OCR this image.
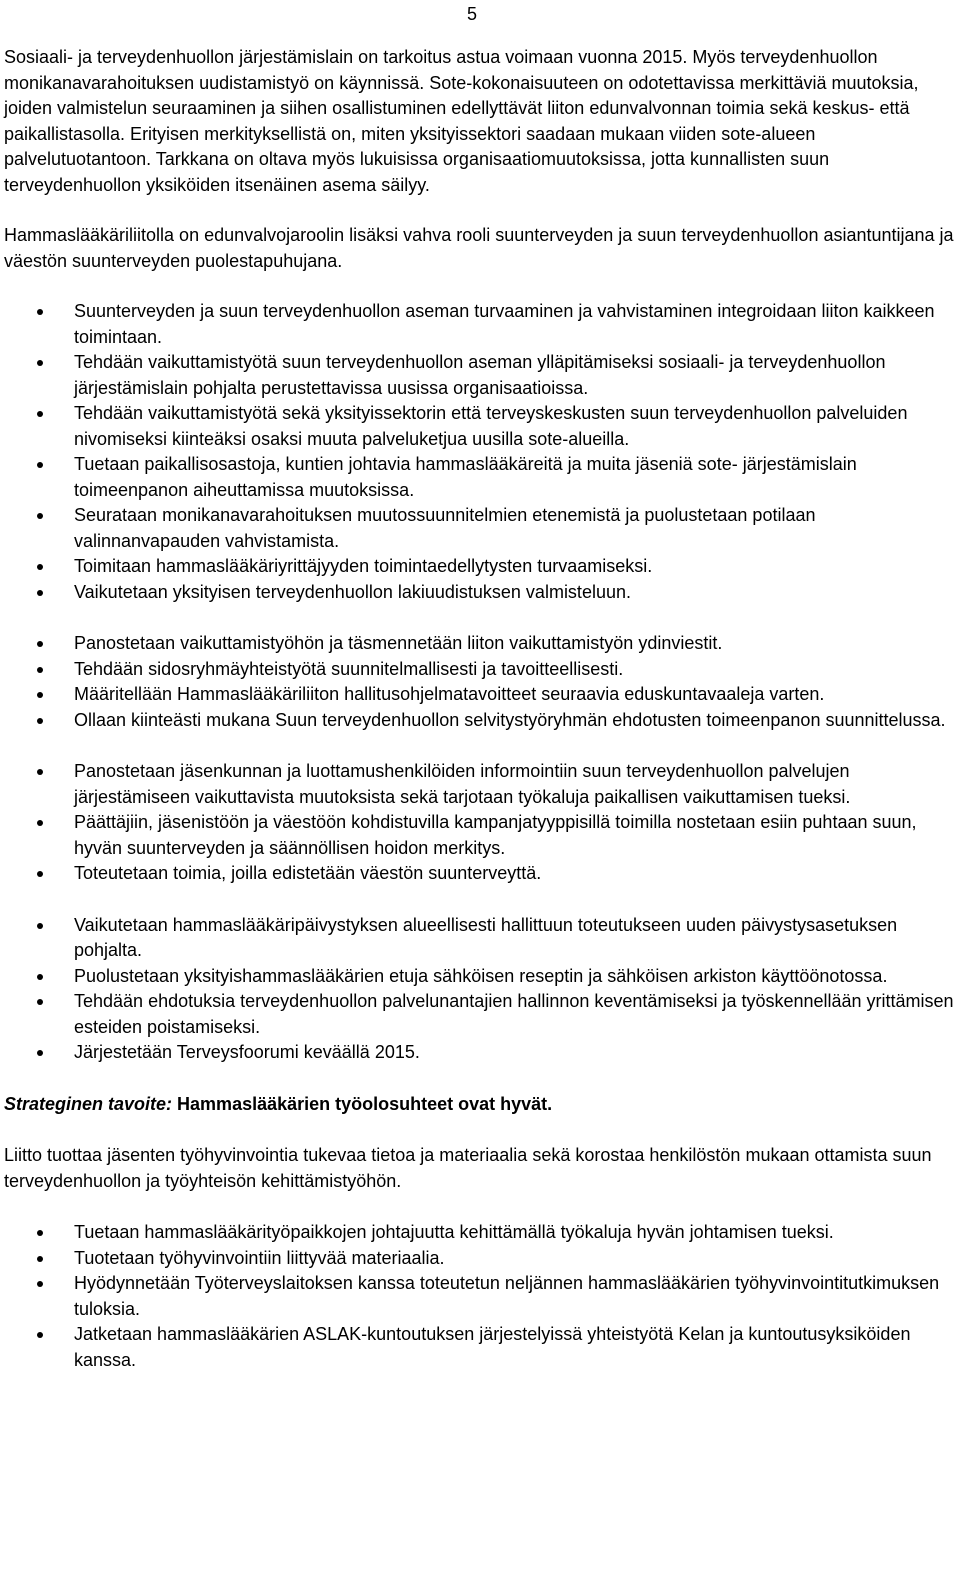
5

Sosiaali- ja terveydenhuollon järjestämislain on tarkoitus astua voimaan vuonna 2015. Myös terveydenhuollon monikanavarahoituksen uudistamistyö on käynnissä. Sote-kokonaisuuteen on odotettavissa merkittäviä muutoksia, joiden valmistelun seuraaminen ja siihen osallistuminen edellyttävät liiton edunvalvonnan toimia sekä keskus- että paikallistasolla. Erityisen merkityksellistä on, miten yksityissektori saadaan mukaan viiden sote-alueen palvelutuotantoon. Tarkkana on oltava myös lukuisissa organisaatiomuutoksissa, jotta kunnallisten suun terveydenhuollon yksiköiden itsenäinen asema säilyy.

Hammaslääkäriliitolla on edunvalvojaroolin lisäksi vahva rooli suunterveyden ja suun terveydenhuollon asiantuntijana ja väestön suunterveyden puolestapuhujana.

Suunterveyden ja suun terveydenhuollon aseman turvaaminen ja vahvistaminen integroidaan liiton kaikkeen toimintaan.
Tehdään vaikuttamistyötä suun terveydenhuollon aseman ylläpitämiseksi sosiaali- ja terveydenhuollon järjestämislain pohjalta perustettavissa uusissa organisaatioissa.
Tehdään vaikuttamistyötä sekä yksityissektorin että terveyskeskusten suun terveydenhuollon palveluiden nivomiseksi kiinteäksi osaksi muuta palveluketjua uusilla sote-alueilla.
Tuetaan paikallisosastoja, kuntien johtavia hammaslääkäreitä ja muita jäseniä sote- järjestämislain toimeenpanon aiheuttamissa muutoksissa.
Seurataan monikanavarahoituksen muutossuunnitelmien etenemistä ja puolustetaan potilaan valinnanvapauden vahvistamista.
Toimitaan hammaslääkäriyrittäjyyden toimintaedellytysten turvaamiseksi.
Vaikutetaan yksityisen terveydenhuollon lakiuudistuksen valmisteluun.
Panostetaan vaikuttamistyöhön ja täsmennetään liiton vaikuttamistyön ydinviestit.
Tehdään sidosryhmäyhteistyötä suunnitelmallisesti ja tavoitteellisesti.
Määritellään Hammaslääkäriliiton hallitusohjelmatavoitteet seuraavia eduskuntavaaleja varten.
Ollaan kiinteästi mukana Suun terveydenhuollon selvitystyöryhmän ehdotusten toimeenpanon suunnittelussa.
Panostetaan jäsenkunnan ja luottamushenkilöiden informointiin suun terveydenhuollon palvelujen järjestämiseen vaikuttavista muutoksista sekä tarjotaan työkaluja paikallisen vaikuttamisen tueksi.
Päättäjiin, jäsenistöön ja väestöön kohdistuvilla kampanjatyyppisillä toimilla nostetaan esiin puhtaan suun, hyvän suunterveyden ja säännöllisen hoidon merkitys.
Toteutetaan toimia, joilla edistetään väestön suunterveyttä.
Vaikutetaan hammaslääkäripäivystyksen alueellisesti hallittuun toteutukseen uuden päivystysasetuksen pohjalta.
Puolustetaan yksityishammaslääkärien etuja sähköisen reseptin ja sähköisen arkiston käyttöönotossa.
Tehdään ehdotuksia terveydenhuollon palvelunantajien hallinnon keventämiseksi ja työskennellään yrittämisen esteiden poistamiseksi.
Järjestetään Terveysfoorumi keväällä 2015.

Strateginen tavoite: Hammaslääkärien työolosuhteet ovat hyvät.

Liitto tuottaa jäsenten työhyvinvointia tukevaa tietoa ja materiaalia sekä korostaa henkilöstön mukaan ottamista suun terveydenhuollon ja työyhteisön kehittämistyöhön.

Tuetaan hammaslääkärityöpaikkojen johtajuutta kehittämällä työkaluja hyvän johtamisen tueksi.
Tuotetaan työhyvinvointiin liittyvää materiaalia.
Hyödynnetään Työterveyslaitoksen kanssa toteutetun neljännen hammaslääkärien työhyvinvointitutkimuksen tuloksia.
Jatketaan hammaslääkärien ASLAK-kuntoutuksen järjestelyissä yhteistyötä Kelan ja kuntoutusyksiköiden kanssa.
